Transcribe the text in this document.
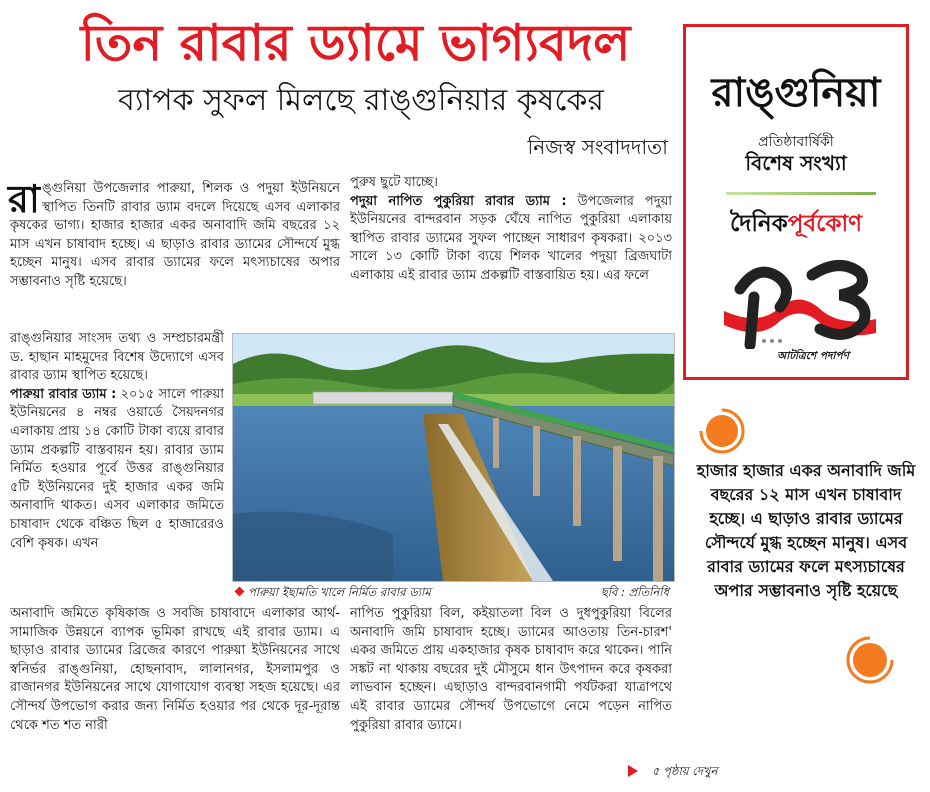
তিন রাবার ড্যামে ভাগ্যবদল
ব্যাপক সুফল মিলছে রাঙ্গুনিয়ার কৃষকের
নিজস্ব সংবাদদাতা

রাঙ্গুনিয়া উপজেলার পারুয়া, শিলক ও পদুয়া ইউনিয়নে স্থাপিত তিনটি রাবার ড্যাম বদলে দিয়েছে এসব এলাকার কৃষকের ভাগ্য। হাজার হাজার একর অনাবাদি জমি বছরের ১২ মাস এখন চাষাবাদ হচ্ছে। এ ছাড়াও রাবার ড্যামের সৌন্দর্যে মুগ্ধ হচ্ছেন মানুষ। এসব রাবার ড্যামের ফলে মৎস্যচাষের অপার সম্ভাবনাও সৃষ্টি হয়েছে।

রাঙ্গুনিয়ার সাংসদ তথ্য ও সম্প্রচারমন্ত্রী ড. হাছান মাহমুদের বিশেষ উদ্যোগে এসব রাবার ড্যাম স্থাপিত হয়েছে।

পারুয়া রাবার ড্যাম : ২০১৫ সালে পারুয়া ইউনিয়নের ৪ নম্বর ওয়ার্ডে সৈয়দনগর এলাকায় প্রায় ১৪ কোটি টাকা ব্যয়ে রাবার ড্যাম প্রকল্পটি বাস্তবায়ন হয়। রাবার ড্যাম নির্মিত হওয়ার পূর্বে উত্তর রাঙ্গুনিয়ার ৫টি ইউনিয়নের দুই হাজার একর জমি অনাবাদি থাকত। এসব এলাকার জমিতে চাষাবাদ থেকে বঞ্চিত ছিল ৫ হাজারেরও বেশি কৃষক। এখন

অনাবাদি জমিতে কৃষিকাজ ও সবজি চাষাবাদে এলাকার আর্থ-সামাজিক উন্নয়নে ব্যাপক ভূমিকা রাখছে এই রাবার ড্যাম। এ ছাড়াও রাবার ড্যামের ব্রিজের কারণে পারুয়া ইউনিয়নের সাথে স্বনির্ভর রাঙ্গুনিয়া, হোছনাবাদ, লালানগর, ইসলামপুর ও রাজানগর ইউনিয়নের সাথে যোগাযোগ ব্যবস্থা সহজ হয়েছে। এর সৌন্দর্য উপভোগ করার জন্য নির্মিত হওয়ার পর থেকে দূর-দূরান্ত থেকে শত শত নারী

পুরুষ ছুটে যাচ্ছে।

পদুয়া নাপিত পুকুরিয়া রাবার ড্যাম : উপজেলার পদুয়া ইউনিয়নের বান্দরবান সড়ক ঘেঁষে নাপিত পুকুরিয়া এলাকায় স্থাপিত রাবার ড্যামের সুফল পাচ্ছেন সাধারণ কৃষকরা। ২০১৩ সালে ১৩ কোটি টাকা ব্যয়ে শিলক খালের পদুয়া ব্রিজঘাটা এলাকায় এই রাবার ড্যাম প্রকল্পটি বাস্তবায়িত হয়। এর ফলে

নাপিত পুকুরিয়া বিল, কইয়াতলা বিল ও দুধপুকুরিয়া বিলের অনাবাদি জমি চাষাবাদ হচ্ছে। ড্যামের আওতায় তিন-চারশ' একর জমিতে প্রায় একহাজার কৃষক চাষাবাদ করে থাকেন। পানি সঙ্কট না থাকায় বছরের দুই মৌসুমে ধান উৎপাদন করে কৃষকরা লাভবান হচ্ছেন। এছাড়াও বান্দরবানগামী পর্যটকরা যাত্রাপথে এই রাবার ড্যামের সৌন্দর্য উপভোগে নেমে পড়েন নাপিত পুকুরিয়া রাবার ড্যামে।

পারুয়া ইছামতি খালে নির্মিত রাবার ড্যাম	ছবি : প্রতিনিধি
রাঙ্গুনিয়া
প্রতিষ্ঠাবার্ষিকী
বিশেষ সংখ্যা
দৈনিকপূর্বকোণ
আটত্রিশে পদার্পণ
হাজার হাজার একর অনাবাদি জমি বছরের ১২ মাস এখন চাষাবাদ হচ্ছে। এ ছাড়াও রাবার ড্যামের সৌন্দর্যে মুগ্ধ হচ্ছেন মানুষ। এসব রাবার ড্যামের ফলে মৎস্যচাষের অপার সম্ভাবনাও সৃষ্টি হয়েছে
৫ পৃষ্ঠায় দেখুন
